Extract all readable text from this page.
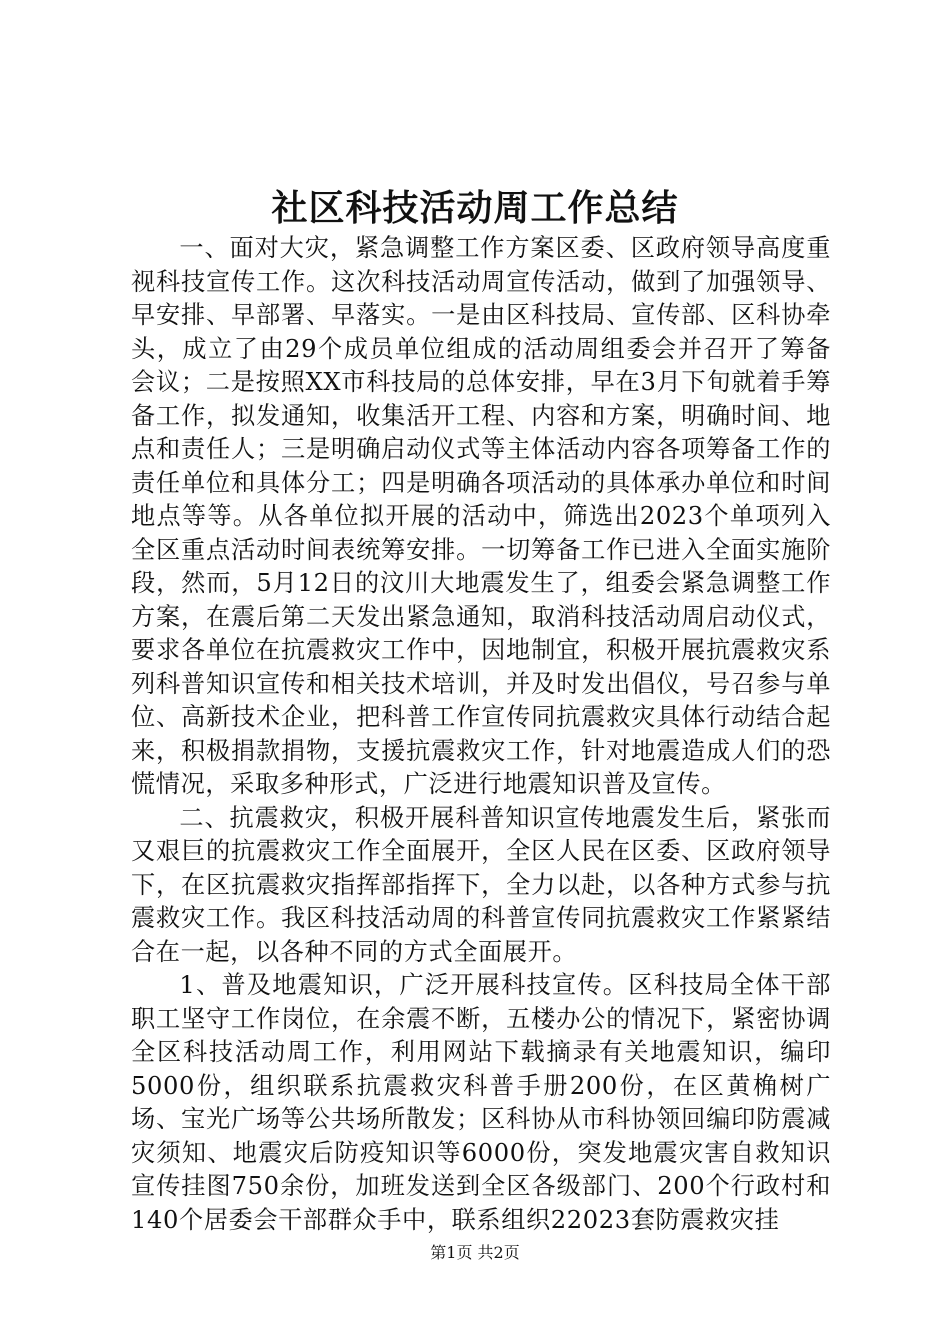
社区科技活动周工作总结

一、面对大灾，紧急调整工作方案区委、区政府领导高度重视科技宣传工作。这次科技活动周宣传活动，做到了加强领导、早安排、早部署、早落实。一是由区科技局、宣传部、区科协牵头，成立了由29个成员单位组成的活动周组委会并召开了筹备会议；二是按照XX市科技局的总体安排，早在3月下旬就着手筹备工作，拟发通知，收集活开工程、内容和方案，明确时间、地点和责任人；三是明确启动仪式等主体活动内容各项筹备工作的责任单位和具体分工；四是明确各项活动的具体承办单位和时间地点等等。从各单位拟开展的活动中，筛选出2023个单项列入全区重点活动时间表统筹安排。一切筹备工作已进入全面实施阶段，然而，5月12日的汶川大地震发生了，组委会紧急调整工作方案，在震后第二天发出紧急通知，取消科技活动周启动仪式，要求各单位在抗震救灾工作中，因地制宜，积极开展抗震救灾系列科普知识宣传和相关技术培训，并及时发出倡仪，号召参与单位、高新技术企业，把科普工作宣传同抗震救灾具体行动结合起来，积极捐款捐物，支援抗震救灾工作，针对地震造成人们的恐慌情况，采取多种形式，广泛进行地震知识普及宣传。

二、抗震救灾，积极开展科普知识宣传地震发生后，紧张而又艰巨的抗震救灾工作全面展开，全区人民在区委、区政府领导下，在区抗震救灾指挥部指挥下，全力以赴，以各种方式参与抗震救灾工作。我区科技活动周的科普宣传同抗震救灾工作紧紧结合在一起，以各种不同的方式全面展开。

1、普及地震知识，广泛开展科技宣传。区科技局全体干部职工坚守工作岗位，在余震不断，五楼办公的情况下，紧密协调全区科技活动周工作，利用网站下载摘录有关地震知识，编印5000份，组织联系抗震救灾科普手册200份，在区黄桷树广场、宝光广场等公共场所散发；区科协从市科协领回编印防震减灾须知、地震灾后防疫知识等6000份，突发地震灾害自救知识宣传挂图750余份，加班发送到全区各级部门、200个行政村和140个居委会干部群众手中，联系组织22023套防震救灾挂

第1页 共2页
